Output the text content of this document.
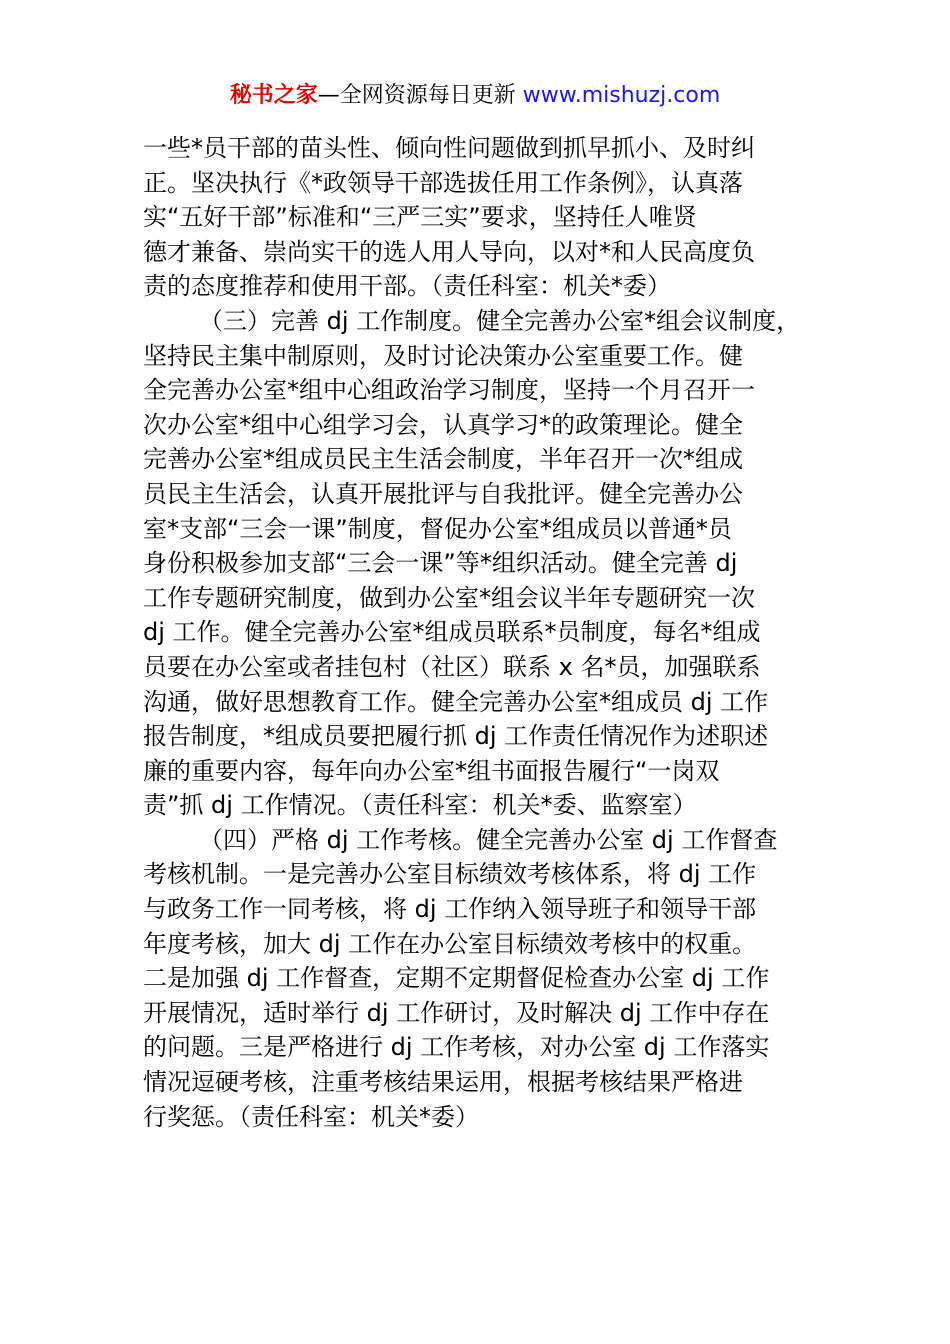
秘书之家—全网资源每日更新 www.mishuzj.com
一些*员干部的苗头性、倾向性问题做到抓早抓小、及时纠
正。坚决执行《*政领导干部选拔任用工作条例》，认真落
实“五好干部”标准和“三严三实”要求，坚持任人唯贤
德才兼备、崇尚实干的选人用人导向，以对*和人民高度负
责的态度推荐和使用干部。（责任科室：机关*委）
（三）完善 dj 工作制度。健全完善办公室*组会议制度，
坚持民主集中制原则，及时讨论决策办公室重要工作。健
全完善办公室*组中心组政治学习制度，坚持一个月召开一
次办公室*组中心组学习会，认真学习*的政策理论。健全
完善办公室*组成员民主生活会制度，半年召开一次*组成
员民主生活会，认真开展批评与自我批评。健全完善办公
室*支部“三会一课”制度，督促办公室*组成员以普通*员
身份积极参加支部“三会一课”等*组织活动。健全完善 dj
工作专题研究制度，做到办公室*组会议半年专题研究一次
dj 工作。健全完善办公室*组成员联系*员制度，每名*组成
员要在办公室或者挂包村（社区）联系 x 名*员，加强联系
沟通，做好思想教育工作。健全完善办公室*组成员 dj 工作
报告制度，*组成员要把履行抓 dj 工作责任情况作为述职述
廉的重要内容，每年向办公室*组书面报告履行“一岗双
责”抓 dj 工作情况。（责任科室：机关*委、监察室）
（四）严格 dj 工作考核。健全完善办公室 dj 工作督查
考核机制。一是完善办公室目标绩效考核体系，将 dj 工作
与政务工作一同考核，将 dj 工作纳入领导班子和领导干部
年度考核，加大 dj 工作在办公室目标绩效考核中的权重。
二是加强 dj 工作督查，定期不定期督促检查办公室 dj 工作
开展情况，适时举行 dj 工作研讨，及时解决 dj 工作中存在
的问题。三是严格进行 dj 工作考核，对办公室 dj 工作落实
情况逗硬考核，注重考核结果运用，根据考核结果严格进
行奖惩。（责任科室：机关*委）
